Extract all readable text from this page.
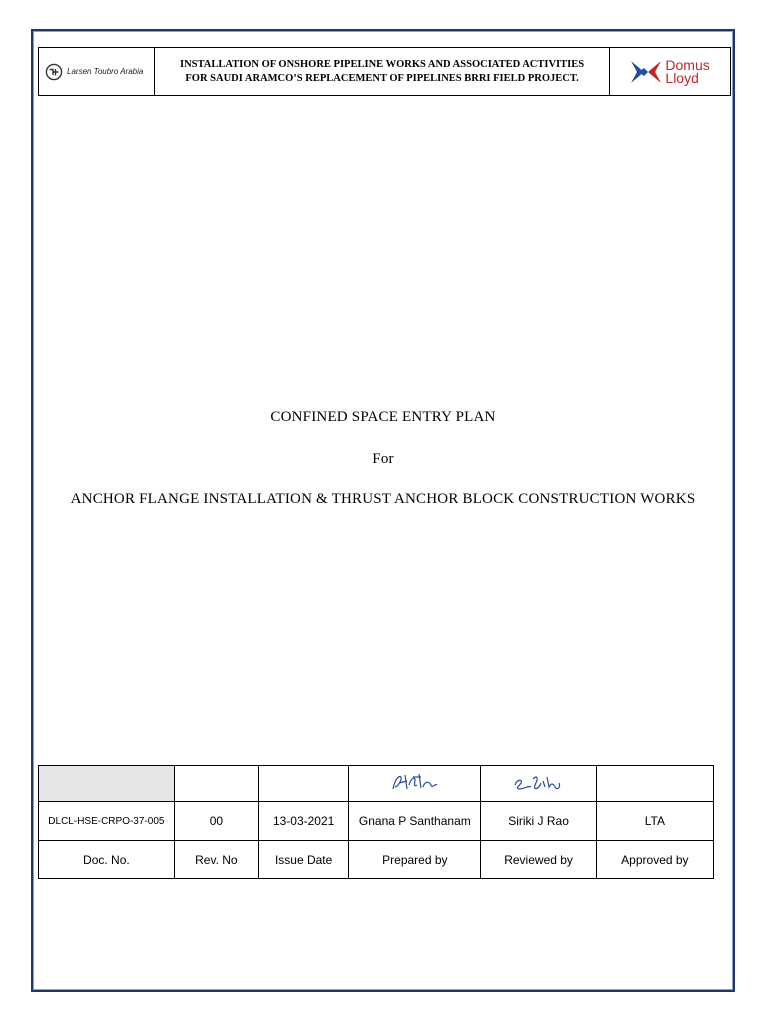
Larsen Toubro Arabia

INSTALLATION OF ONSHORE PIPELINE WORKS AND ASSOCIATED ACTIVITIES
FOR SAUDI ARAMCO’S REPLACEMENT OF PIPELINES BRRI FIELD PROJECT.

Domus
Lloyd
CONFINED SPACE ENTRY PLAN
For
ANCHOR FLANGE INSTALLATION & THRUST ANCHOR BLOCK CONSTRUCTION WORKS

DLCL-HSE-CRPO-37-005	00	13-03-2021	Gnana P Santhanam	Siriki J Rao	LTA
Doc. No.	Rev. No	Issue Date	Prepared by	Reviewed by	Approved by
